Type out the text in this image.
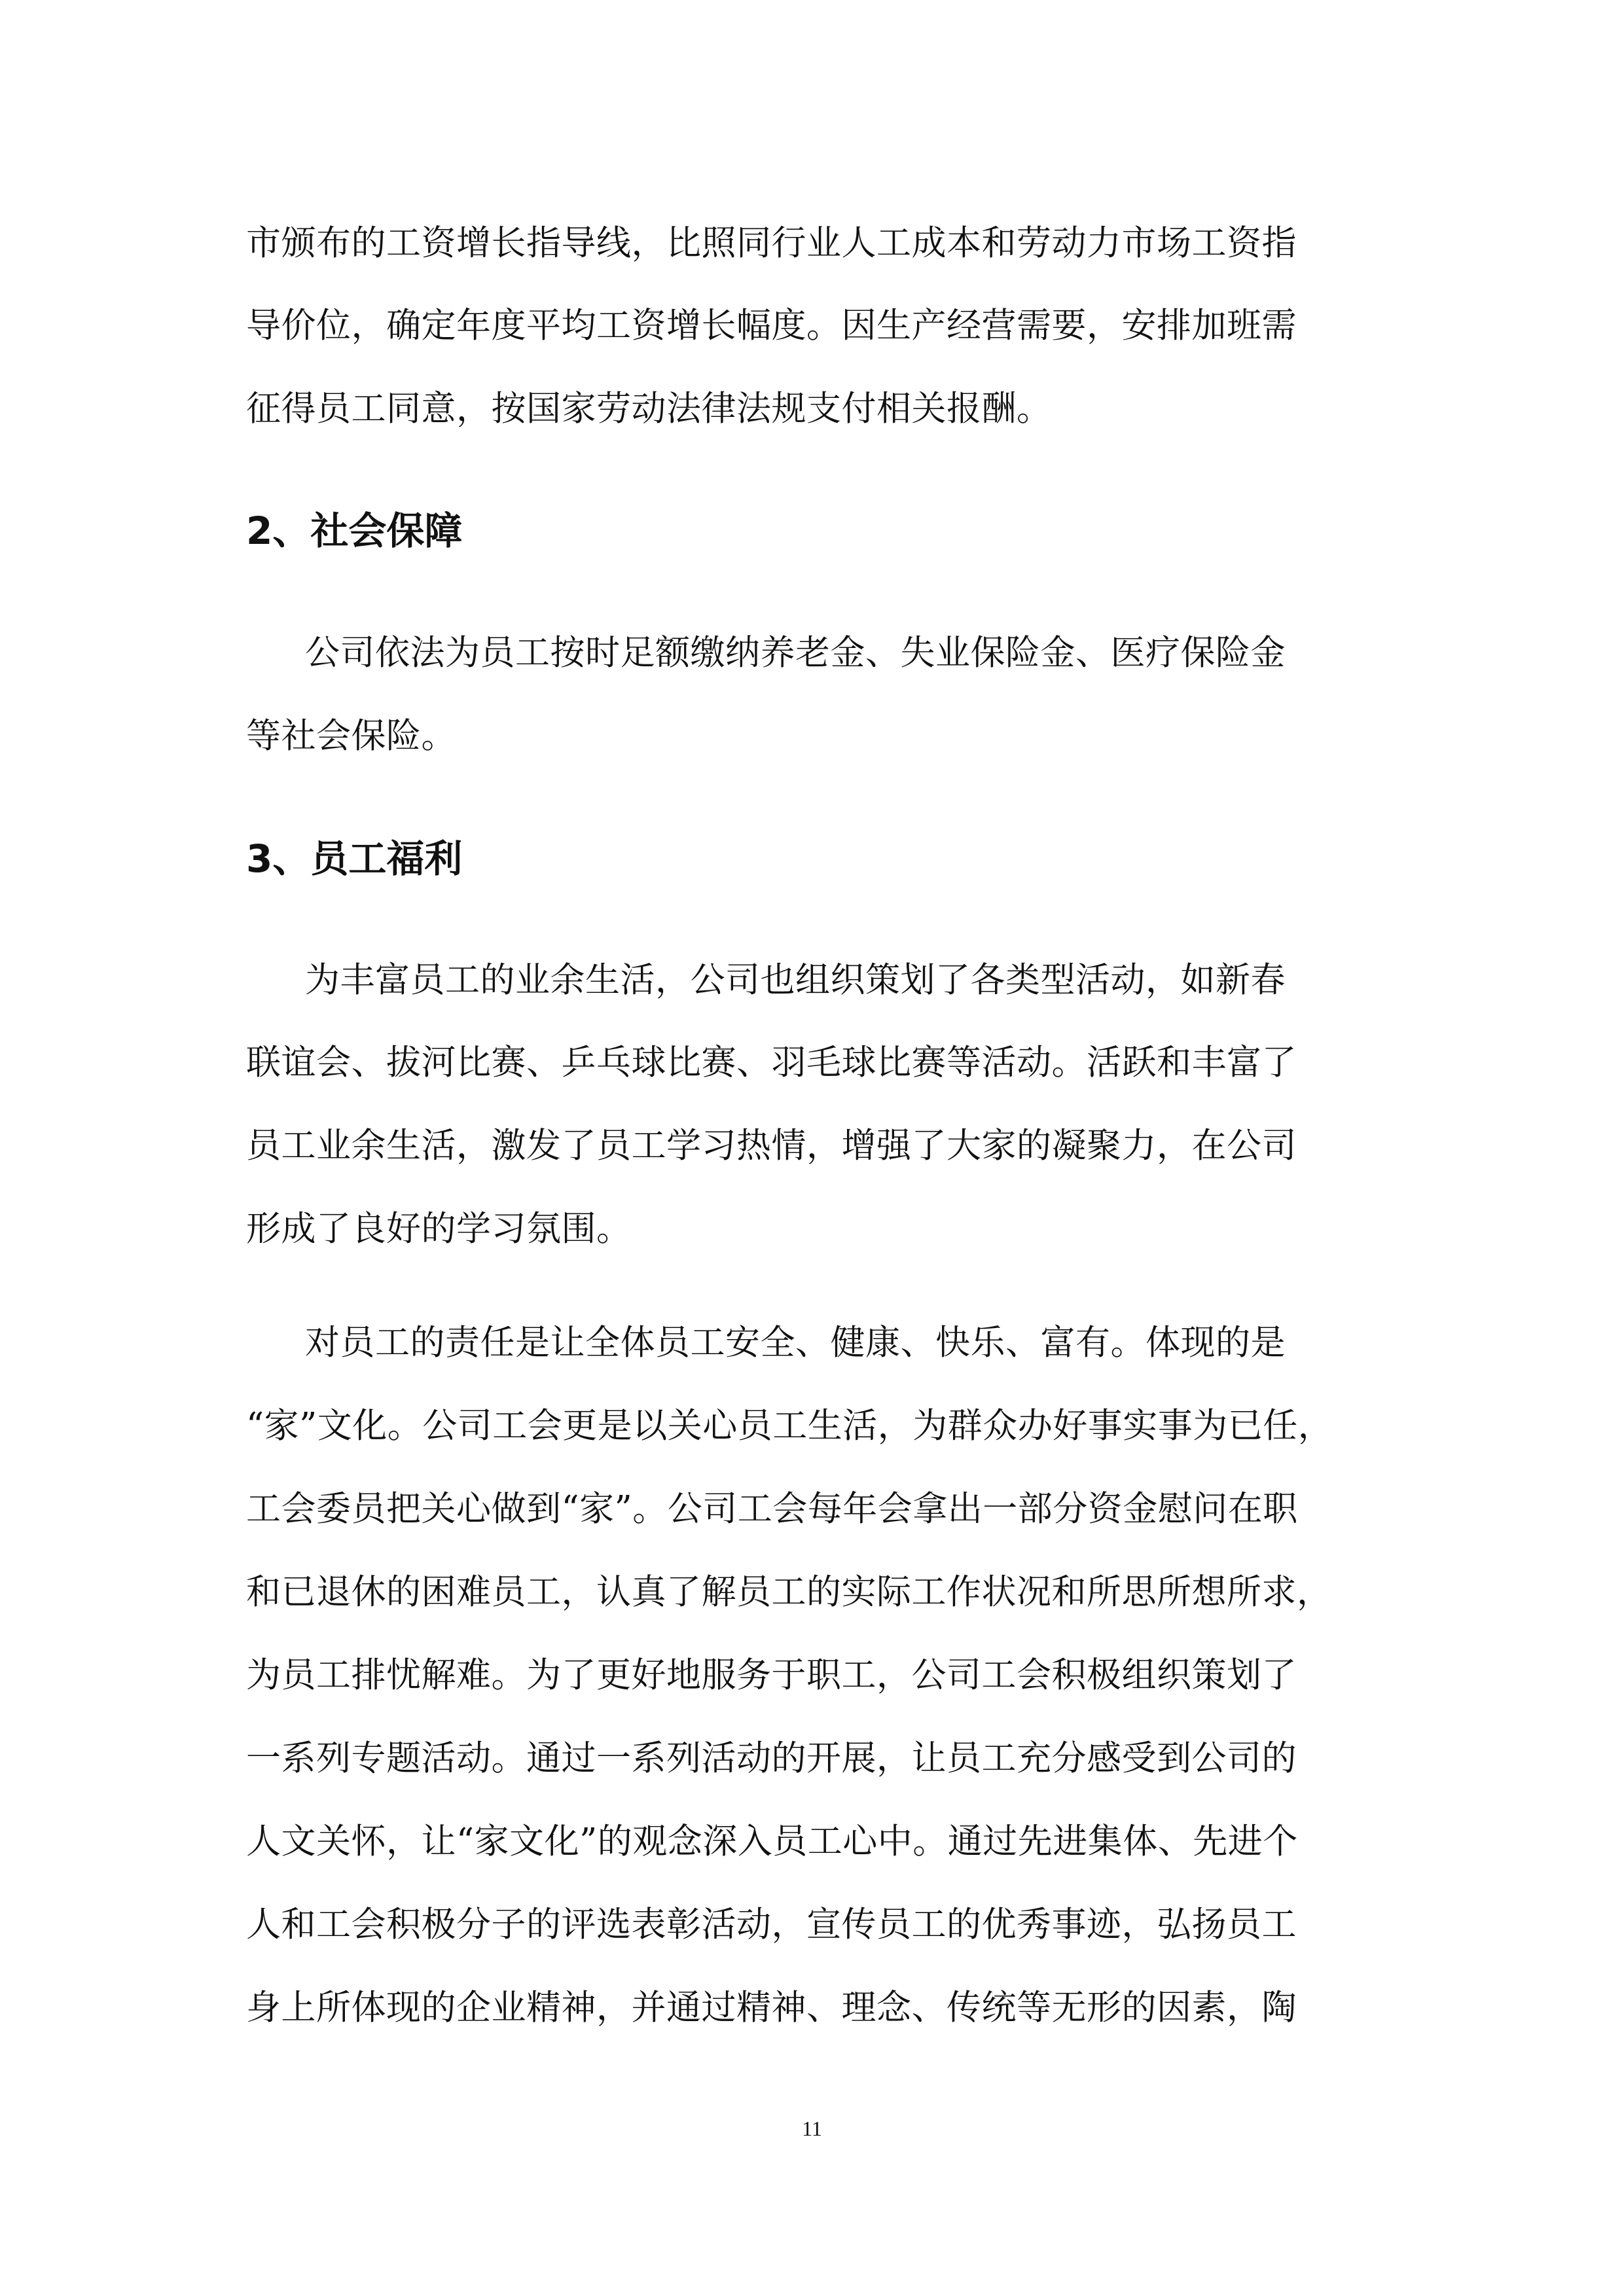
市颁布的工资增长指导线，比照同行业人工成本和劳动力市场工资指
导价位，确定年度平均工资增长幅度。因生产经营需要，安排加班需
征得员工同意，按国家劳动法律法规支付相关报酬。
2、社会保障
公司依法为员工按时足额缴纳养老金、失业保险金、医疗保险金
等社会保险。
3、员工福利
为丰富员工的业余生活，公司也组织策划了各类型活动，如新春
联谊会、拔河比赛、乒乓球比赛、羽毛球比赛等活动。活跃和丰富了
员工业余生活，激发了员工学习热情，增强了大家的凝聚力，在公司
形成了良好的学习氛围。
对员工的责任是让全体员工安全、健康、快乐、富有。体现的是
“家”文化。公司工会更是以关心员工生活，为群众办好事实事为已任，
工会委员把关心做到“家”。公司工会每年会拿出一部分资金慰问在职
和已退休的困难员工，认真了解员工的实际工作状况和所思所想所求，
为员工排忧解难。为了更好地服务于职工，公司工会积极组织策划了
一系列专题活动。通过一系列活动的开展，让员工充分感受到公司的
人文关怀，让“家文化”的观念深入员工心中。通过先进集体、先进个
人和工会积极分子的评选表彰活动，宣传员工的优秀事迹，弘扬员工
身上所体现的企业精神，并通过精神、理念、传统等无形的因素，陶
11
